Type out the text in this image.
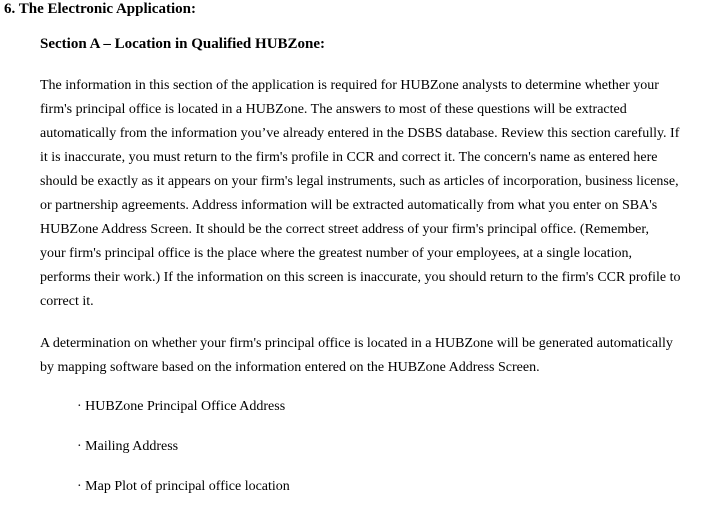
6. The Electronic Application:
Section A – Location in Qualified HUBZone:
The information in this section of the application is required for HUBZone analysts to determine whether your
firm's principal office is located in a HUBZone. The answers to most of these questions will be extracted
automatically from the information you’ve already entered in the DSBS database. Review this section carefully. If
it is inaccurate, you must return to the firm's profile in CCR and correct it. The concern's name as entered here
should be exactly as it appears on your firm's legal instruments, such as articles of incorporation, business license,
or partnership agreements. Address information will be extracted automatically from what you enter on SBA's
HUBZone Address Screen. It should be the correct street address of your firm's principal office. (Remember,
your firm's principal office is the place where the greatest number of your employees, at a single location,
performs their work.) If the information on this screen is inaccurate, you should return to the firm's CCR profile to
correct it.
A determination on whether your firm's principal office is located in a HUBZone will be generated automatically
by mapping software based on the information entered on the HUBZone Address Screen.
· HUBZone Principal Office Address
· Mailing Address
· Map Plot of principal office location
